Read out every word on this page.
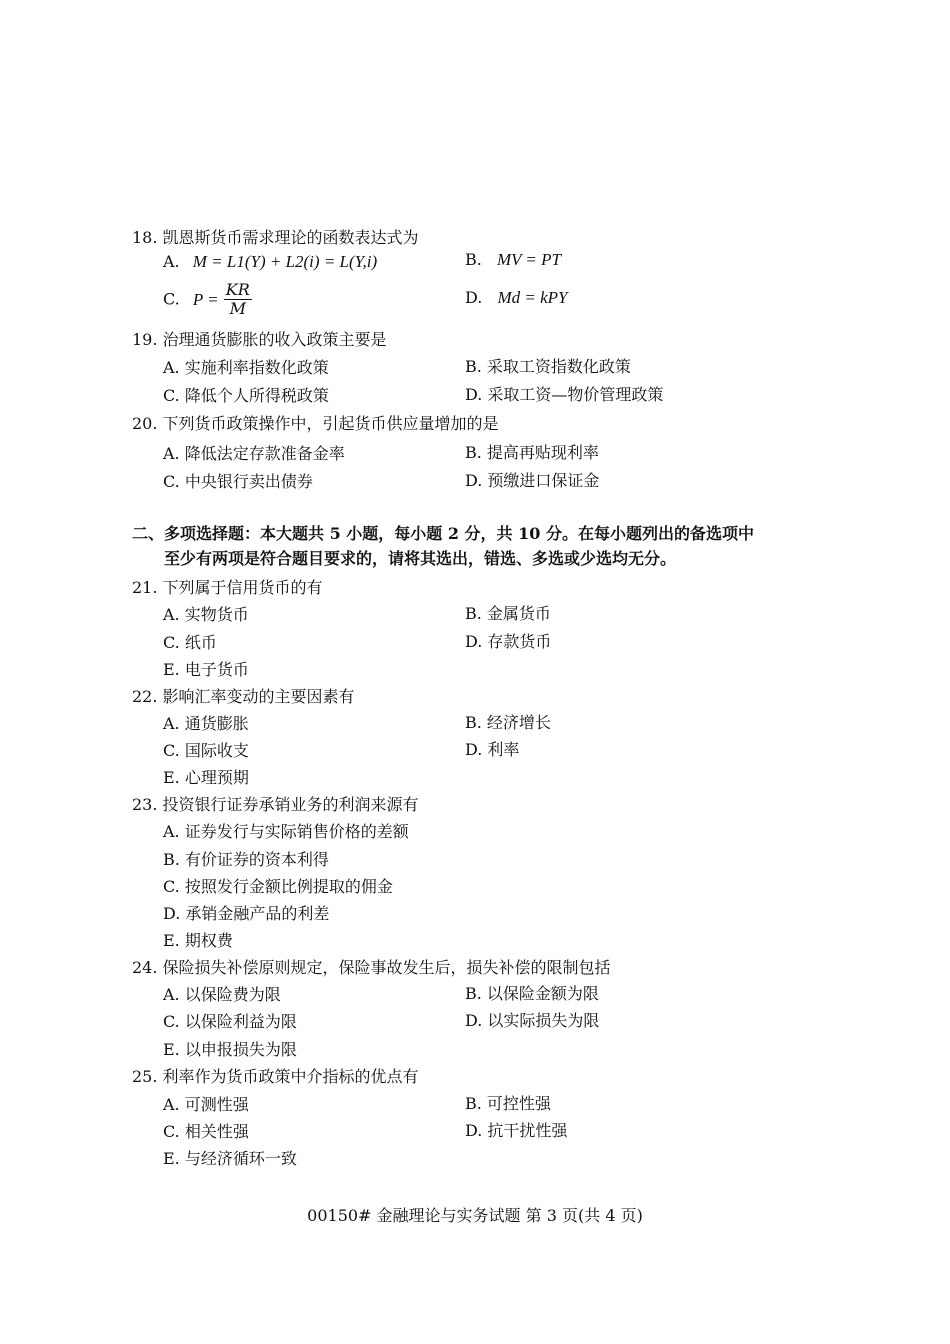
18. 凯恩斯货币需求理论的函数表达式为
A. M = L1(Y) + L2(i) = L(Y,i)	B. MV = PT
C. $P = \frac{KR}{M}$	D. Md = kPY
19. 治理通货膨胀的收入政策主要是
A. 实施利率指数化政策	B. 采取工资指数化政策
C. 降低个人所得税政策	D. 采取工资—物价管理政策
20. 下列货币政策操作中，引起货币供应量增加的是
A. 降低法定存款准备金率	B. 提高再贴现利率
C. 中央银行卖出债券	D. 预缴进口保证金
二、多项选择题：本大题共 5 小题，每小题 2 分，共 10 分。在每小题列出的备选项中
至少有两项是符合题目要求的，请将其选出，错选、多选或少选均无分。
21. 下列属于信用货币的有
A. 实物货币	B. 金属货币
C. 纸币	D. 存款货币
E. 电子货币
22. 影响汇率变动的主要因素有
A. 通货膨胀	B. 经济增长
C. 国际收支	D. 利率
E. 心理预期
23. 投资银行证券承销业务的利润来源有
A. 证券发行与实际销售价格的差额
B. 有价证券的资本利得
C. 按照发行金额比例提取的佣金
D. 承销金融产品的利差
E. 期权费
24. 保险损失补偿原则规定，保险事故发生后，损失补偿的限制包括
A. 以保险费为限	B. 以保险金额为限
C. 以保险利益为限	D. 以实际损失为限
E. 以申报损失为限
25. 利率作为货币政策中介指标的优点有
A. 可测性强	B. 可控性强
C. 相关性强	D. 抗干扰性强
E. 与经济循环一致
00150# 金融理论与实务试题 第 3 页(共 4 页)
